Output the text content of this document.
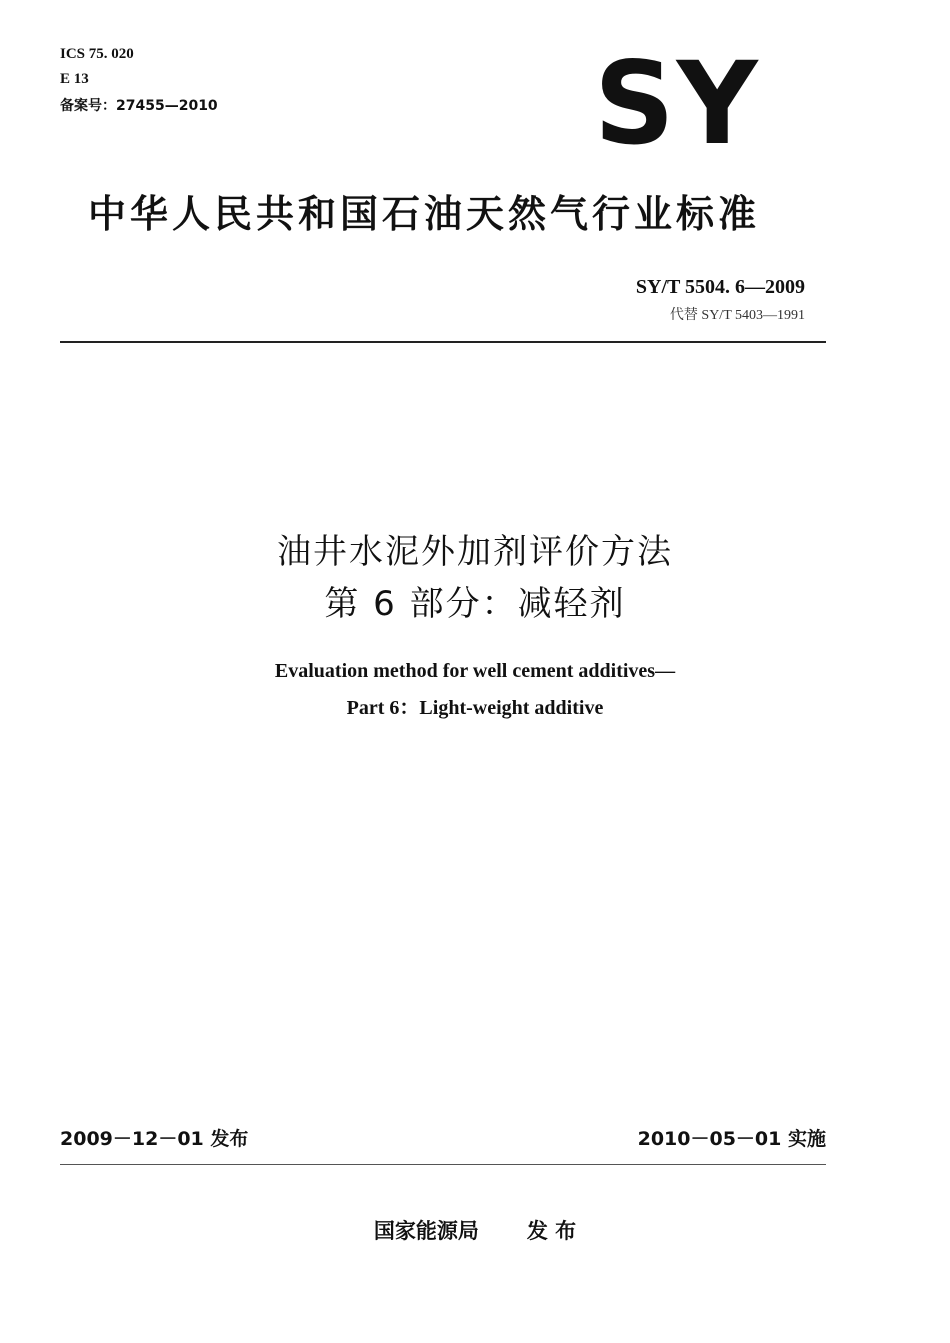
ICS 75. 020
E 13
备案号：27455—2010	SY
中华人民共和国石油天然气行业标准
SY/T 5504. 6—2009
代替 SY/T 5403—1991
油井水泥外加剂评价方法
第 6 部分：减轻剂
Evaluation method for well cement additives—
Part 6：Light-weight additive
2009－12－01 发布	2010－05－01 实施
国家能源局 发 布
